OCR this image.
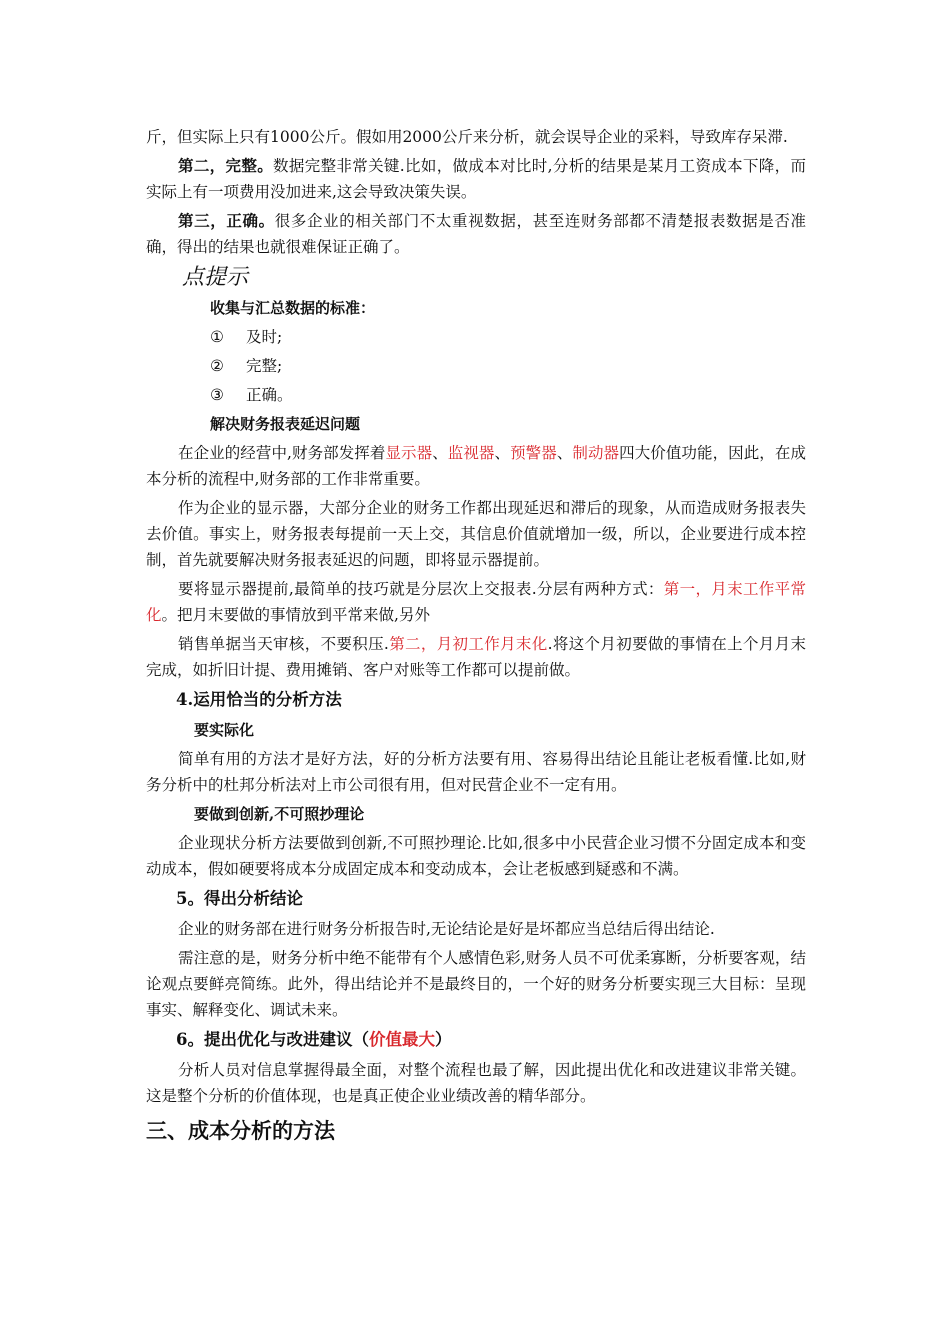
斤，但实际上只有1000公斤。假如用2000公斤来分析，就会误导企业的采料，导致库存呆滞.

第二，完整。数据完整非常关键.比如，做成本对比时,分析的结果是某月工资成本下降，而实际上有一项费用没加进来,这会导致决策失误。

第三，正确。很多企业的相关部门不太重视数据，甚至连财务部都不清楚报表数据是否准确，得出的结果也就很难保证正确了。

点提示
收集与汇总数据的标准：
① 及时;
② 完整;
③ 正确。
解决财务报表延迟问题

在企业的经营中,财务部发挥着显示器、监视器、预警器、制动器四大价值功能，因此，在成本分析的流程中,财务部的工作非常重要。

作为企业的显示器，大部分企业的财务工作都出现延迟和滞后的现象，从而造成财务报表失去价值。事实上，财务报表每提前一天上交，其信息价值就增加一级，所以，企业要进行成本控制，首先就要解决财务报表延迟的问题，即将显示器提前。

要将显示器提前,最简单的技巧就是分层次上交报表.分层有两种方式：第一，月末工作平常化。把月末要做的事情放到平常来做,另外

销售单据当天审核，不要积压.第二，月初工作月末化.将这个月初要做的事情在上个月月末完成，如折旧计提、费用摊销、客户对账等工作都可以提前做。

4.运用恰当的分析方法
要实际化

简单有用的方法才是好方法，好的分析方法要有用、容易得出结论且能让老板看懂.比如,财务分析中的杜邦分析法对上市公司很有用，但对民营企业不一定有用。

要做到创新,不可照抄理论

企业现状分析方法要做到创新,不可照抄理论.比如,很多中小民营企业习惯不分固定成本和变动成本，假如硬要将成本分成固定成本和变动成本，会让老板感到疑惑和不满。

5。得出分析结论

企业的财务部在进行财务分析报告时,无论结论是好是坏都应当总结后得出结论.

需注意的是，财务分析中绝不能带有个人感情色彩,财务人员不可优柔寡断，分析要客观，结论观点要鲜亮简练。此外，得出结论并不是最终目的，一个好的财务分析要实现三大目标：呈现事实、解释变化、调试未来。

6。提出优化与改进建议（价值最大）

分析人员对信息掌握得最全面，对整个流程也最了解，因此提出优化和改进建议非常关键。这是整个分析的价值体现，也是真正使企业业绩改善的精华部分。

三、成本分析的方法
